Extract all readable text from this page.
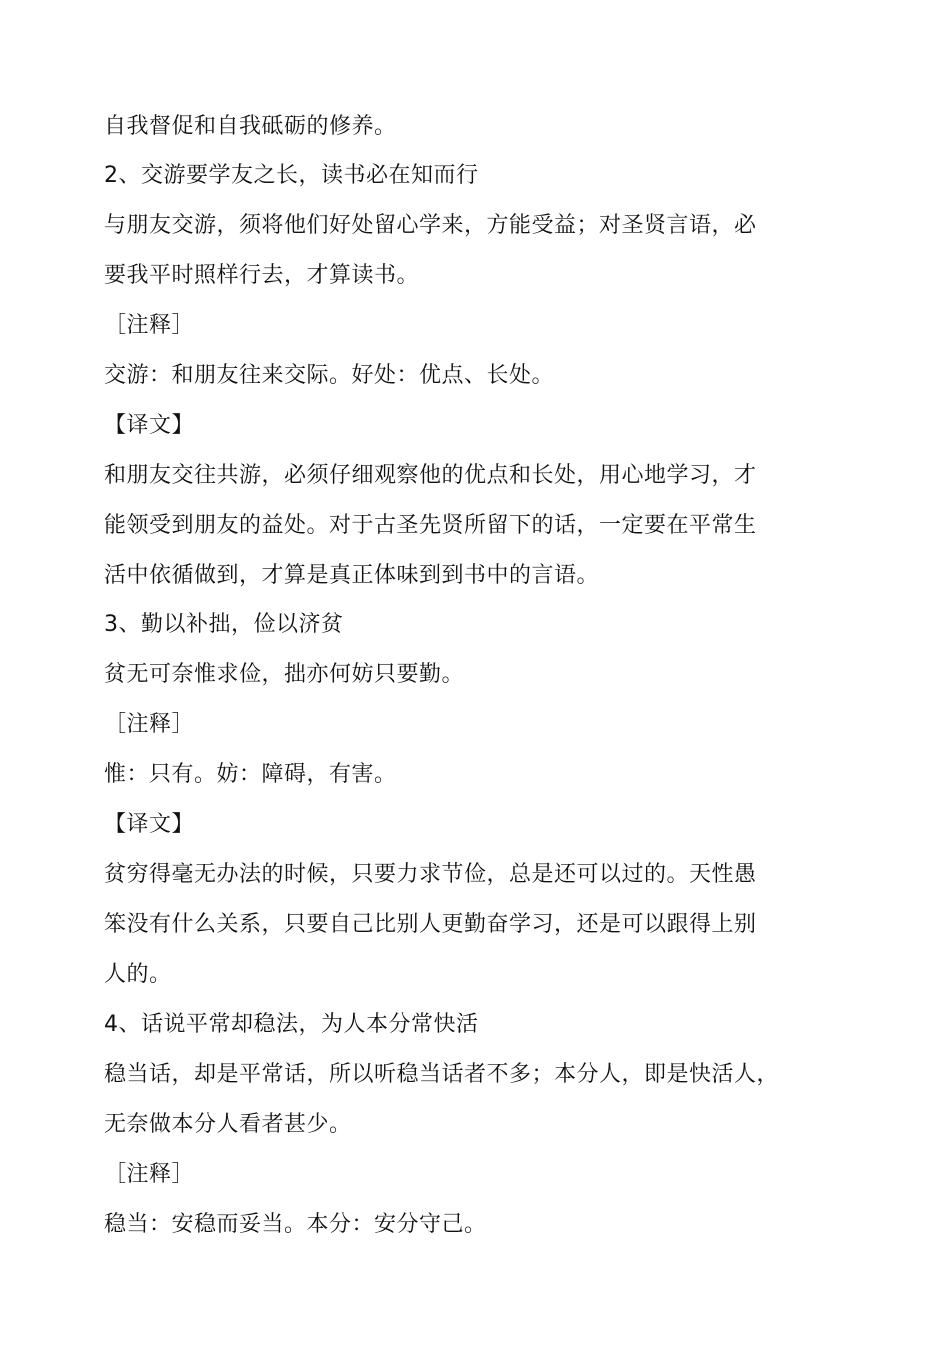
自我督促和自我砥砺的修养。
2、交游要学友之长，读书必在知而行
与朋友交游，须将他们好处留心学来，方能受益；对圣贤言语，必
要我平时照样行去，才算读书。
［注释］
交游：和朋友往来交际。好处：优点、长处。
【译文】
和朋友交往共游，必须仔细观察他的优点和长处，用心地学习，才
能领受到朋友的益处。对于古圣先贤所留下的话，一定要在平常生
活中依循做到，才算是真正体味到到书中的言语。
3、勤以补拙，俭以济贫
贫无可奈惟求俭，拙亦何妨只要勤。
［注释］
惟：只有。妨：障碍，有害。
【译文】
贫穷得毫无办法的时候，只要力求节俭，总是还可以过的。天性愚
笨没有什么关系，只要自己比别人更勤奋学习，还是可以跟得上别
人的。
4、话说平常却稳法，为人本分常快活
稳当话，却是平常话，所以听稳当话者不多；本分人，即是快活人，
无奈做本分人看者甚少。
［注释］
稳当：安稳而妥当。本分：安分守己。
